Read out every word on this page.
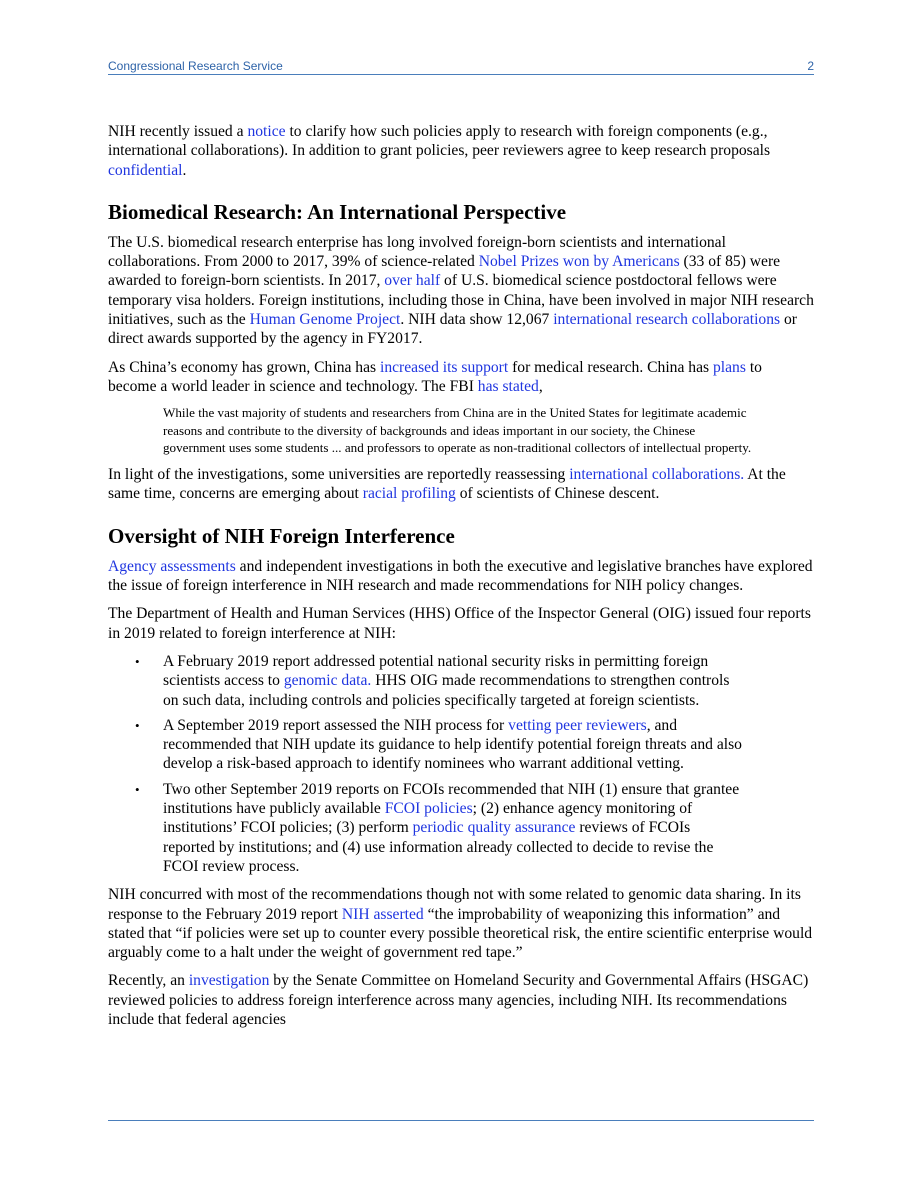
Congressional Research Service	2

NIH recently issued a notice to clarify how such policies apply to research with foreign components (e.g., international collaborations). In addition to grant policies, peer reviewers agree to keep research proposals confidential.

Biomedical Research: An International Perspective

The U.S. biomedical research enterprise has long involved foreign-born scientists and international collaborations. From 2000 to 2017, 39% of science-related Nobel Prizes won by Americans (33 of 85) were awarded to foreign-born scientists. In 2017, over half of U.S. biomedical science postdoctoral fellows were temporary visa holders. Foreign institutions, including those in China, have been involved in major NIH research initiatives, such as the Human Genome Project. NIH data show 12,067 international research collaborations or direct awards supported by the agency in FY2017.

As China’s economy has grown, China has increased its support for medical research. China has plans to become a world leader in science and technology. The FBI has stated,

While the vast majority of students and researchers from China are in the United States for legitimate academic reasons and contribute to the diversity of backgrounds and ideas important in our society, the Chinese government uses some students ... and professors to operate as non-traditional collectors of intellectual property.

In light of the investigations, some universities are reportedly reassessing international collaborations. At the same time, concerns are emerging about racial profiling of scientists of Chinese descent.

Oversight of NIH Foreign Interference

Agency assessments and independent investigations in both the executive and legislative branches have explored the issue of foreign interference in NIH research and made recommendations for NIH policy changes.

The Department of Health and Human Services (HHS) Office of the Inspector General (OIG) issued four reports in 2019 related to foreign interference at NIH:

• A February 2019 report addressed potential national security risks in permitting foreign scientists access to genomic data. HHS OIG made recommendations to strengthen controls on such data, including controls and policies specifically targeted at foreign scientists.
• A September 2019 report assessed the NIH process for vetting peer reviewers, and recommended that NIH update its guidance to help identify potential foreign threats and also develop a risk-based approach to identify nominees who warrant additional vetting.
• Two other September 2019 reports on FCOIs recommended that NIH (1) ensure that grantee institutions have publicly available FCOI policies; (2) enhance agency monitoring of institutions’ FCOI policies; (3) perform periodic quality assurance reviews of FCOIs reported by institutions; and (4) use information already collected to decide to revise the FCOI review process.

NIH concurred with most of the recommendations though not with some related to genomic data sharing. In its response to the February 2019 report NIH asserted “the improbability of weaponizing this information” and stated that “if policies were set up to counter every possible theoretical risk, the entire scientific enterprise would arguably come to a halt under the weight of government red tape.”

Recently, an investigation by the Senate Committee on Homeland Security and Governmental Affairs (HSGAC) reviewed policies to address foreign interference across many agencies, including NIH. Its recommendations include that federal agencies
